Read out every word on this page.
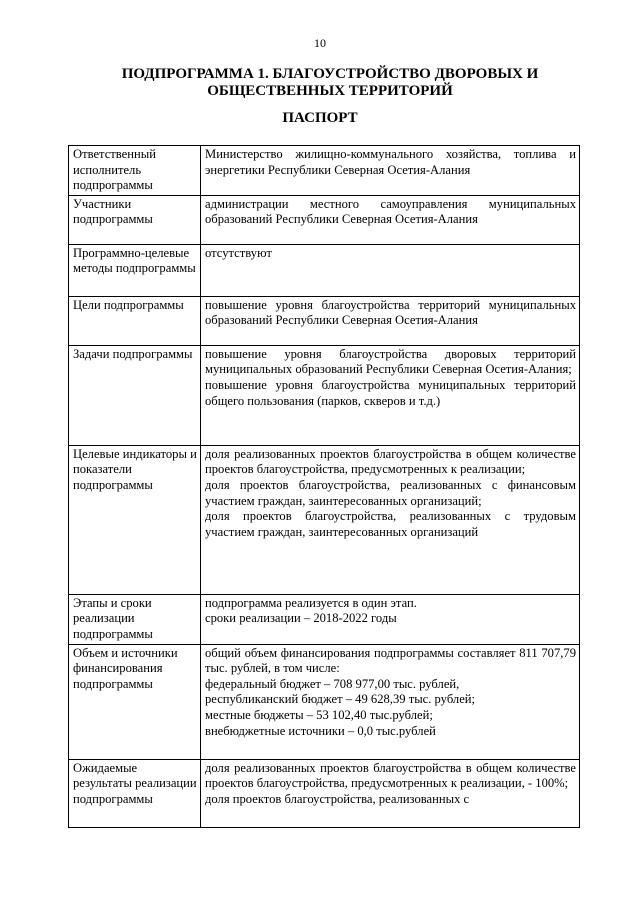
10
ПОДПРОГРАММА 1. БЛАГОУСТРОЙСТВО ДВОРОВЫХ И ОБЩЕСТВЕННЫХ ТЕРРИТОРИЙ
ПАСПОРТ
Ответственный исполнитель подпрограммы	Министерство жилищно-коммунального хозяйства, топлива и энергетики Республики Северная Осетия-Алания

Участники подпрограммы	администрации местного самоуправления муниципальных образований Республики Северная Осетия-Алания

Программно-целевые методы подпрограммы	отсутствуют

Цели подпрограммы	повышение уровня благоустройства территорий муниципальных образований Республики Северная Осетия-Алания

Задачи подпрограммы	повышение уровня благоустройства дворовых территорий муниципальных образований Республики Северная Осетия-Алания;
повышение уровня благоустройства муниципальных территорий общего пользования (парков, скверов и т.д.)

Целевые индикаторы и показатели подпрограммы	доля реализованных проектов благоустройства в общем количестве проектов благоустройства, предусмотренных к реализации;
доля проектов благоустройства, реализованных с финансовым участием граждан, заинтересованных организаций;
доля проектов благоустройства, реализованных с трудовым участием граждан, заинтересованных организаций

Этапы и сроки реализации подпрограммы	подпрограмма реализуется в один этап.
сроки реализации – 2018-2022 годы

Объем и источники финансирования подпрограммы	общий объем финансирования подпрограммы составляет 811 707,79 тыс. рублей, в том числе:
федеральный бюджет – 708 977,00 тыс. рублей,
республиканский бюджет – 49 628,39 тыс. рублей;
местные бюджеты – 53 102,40 тыс.рублей;
внебюджетные источники – 0,0 тыс.рублей

Ожидаемые результаты реализации подпрограммы	доля реализованных проектов благоустройства в общем количестве проектов благоустройства, предусмотренных к реализации, - 100%;
доля проектов благоустройства, реализованных с
